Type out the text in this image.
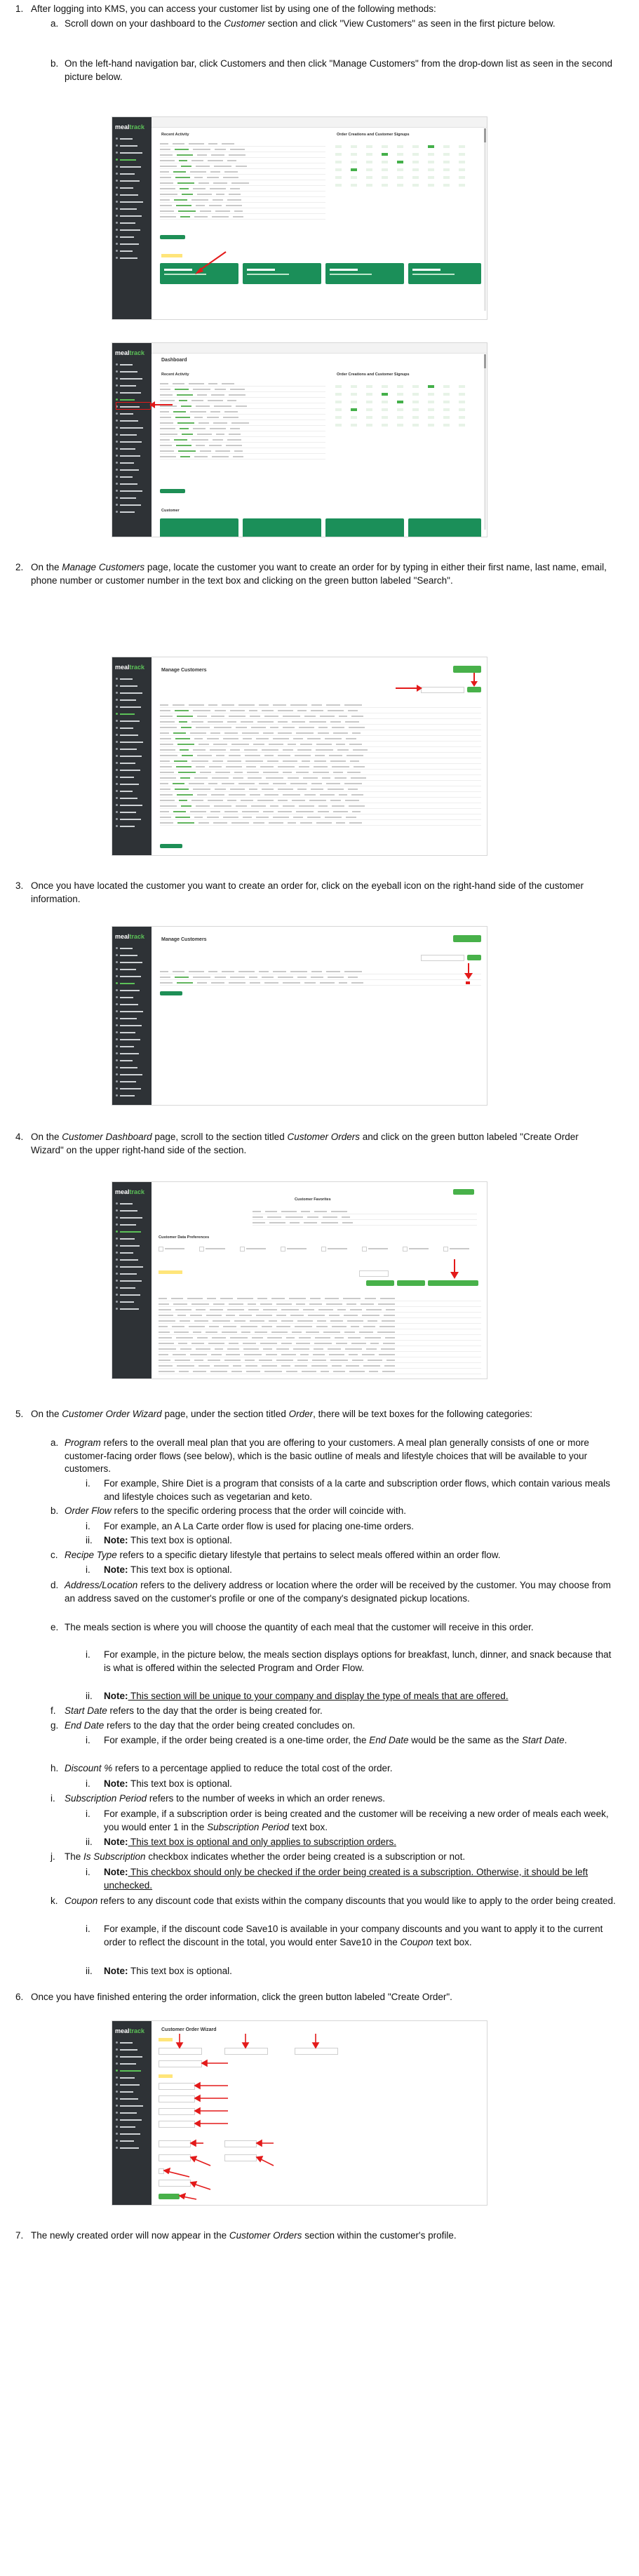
1. After logging into KMS, you can access your customer list by using one of the following methods:
a. Scroll down on your dashboard to the Customer section and click "View Customers" as seen in the first picture below.
b. On the left-hand navigation bar, click Customers and then click "Manage Customers" from the drop-down list as seen in the second picture below.
mealtrack
Recent Activity	Order Creations and Customer Signups
mealtrack
Dashboard
Recent Activity	Order Creations and Customer Signups
Customer
2. On the Manage Customers page, locate the customer you want to create an order for by typing in either their first name, last name, email, phone number or customer number in the text box and clicking on the green button labeled "Search".
mealtrack	Manage Customers
3. Once you have located the customer you want to create an order for, click on the eyeball icon on the right-hand side of the customer information.
mealtrack	Manage Customers
4. On the Customer Dashboard page, scroll to the section titled Customer Orders and click on the green button labeled "Create Order Wizard" on the upper right-hand side of the section.
mealtrack
Customer Favorites
Customer Data Preferences
5. On the Customer Order Wizard page, under the section titled Order, there will be text boxes for the following categories:
a. Program refers to the overall meal plan that you are offering to your customers. A meal plan generally consists of one or more customer-facing order flows (see below), which is the basic outline of meals and lifestyle choices that will be available to your customers.
i. For example, Shire Diet is a program that consists of a la carte and subscription order flows, which contain various meals and lifestyle choices such as vegetarian and keto.
b. Order Flow refers to the specific ordering process that the order will coincide with.
i. For example, an A La Carte order flow is used for placing one-time orders.
ii. Note: This text box is optional.
c. Recipe Type refers to a specific dietary lifestyle that pertains to select meals offered within an order flow.
i. Note: This text box is optional.
d. Address/Location refers to the delivery address or location where the order will be received by the customer. You may choose from an address saved on the customer's profile or one of the company's designated pickup locations.
e. The meals section is where you will choose the quantity of each meal that the customer will receive in this order.
i. For example, in the picture below, the meals section displays options for breakfast, lunch, dinner, and snack because that is what is offered within the selected Program and Order Flow.
ii. Note: This section will be unique to your company and display the type of meals that are offered.
f. Start Date refers to the day that the order is being created for.
g. End Date refers to the day that the order being created concludes on.
i. For example, if the order being created is a one-time order, the End Date would be the same as the Start Date.
h. Discount % refers to a percentage applied to reduce the total cost of the order.
i. Note: This text box is optional.
i. Subscription Period refers to the number of weeks in which an order renews.
i. For example, if a subscription order is being created and the customer will be receiving a new order of meals each week, you would enter 1 in the Subscription Period text box.
ii. Note: This text box is optional and only applies to subscription orders.
j. The Is Subscription checkbox indicates whether the order being created is a subscription or not.
i. Note: This checkbox should only be checked if the order being created is a subscription. Otherwise, it should be left unchecked.
k. Coupon refers to any discount code that exists within the company discounts that you would like to apply to the order being created.
i. For example, if the discount code Save10 is available in your company discounts and you want to apply it to the current order to reflect the discount in the total, you would enter Save10 in the Coupon text box.
ii. Note: This text box is optional.
6. Once you have finished entering the order information, click the green button labeled "Create Order".
mealtrack	Customer Order Wizard
7. The newly created order will now appear in the Customer Orders section within the customer's profile.
